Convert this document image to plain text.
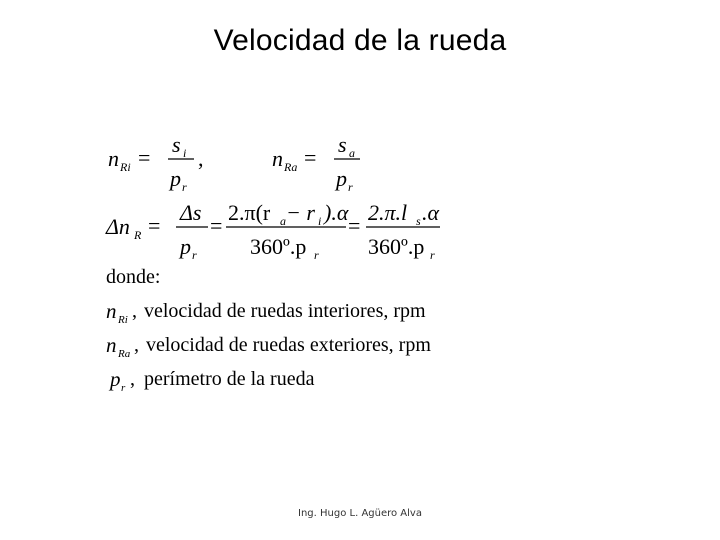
Velocidad de la rueda
n Ri =
s i
p r
,	n Ra =
s a
p r
Δn R =
Δs
p r
=
2.π(r a − r i ).α
360º.p r
=
2.π.l s .α
360º.p r
donde:
n Ri , velocidad de ruedas interiores, rpm
n Ra , velocidad de ruedas exteriores, rpm
p r , perímetro de la rueda
Ing. Hugo L. Agüero Alva
